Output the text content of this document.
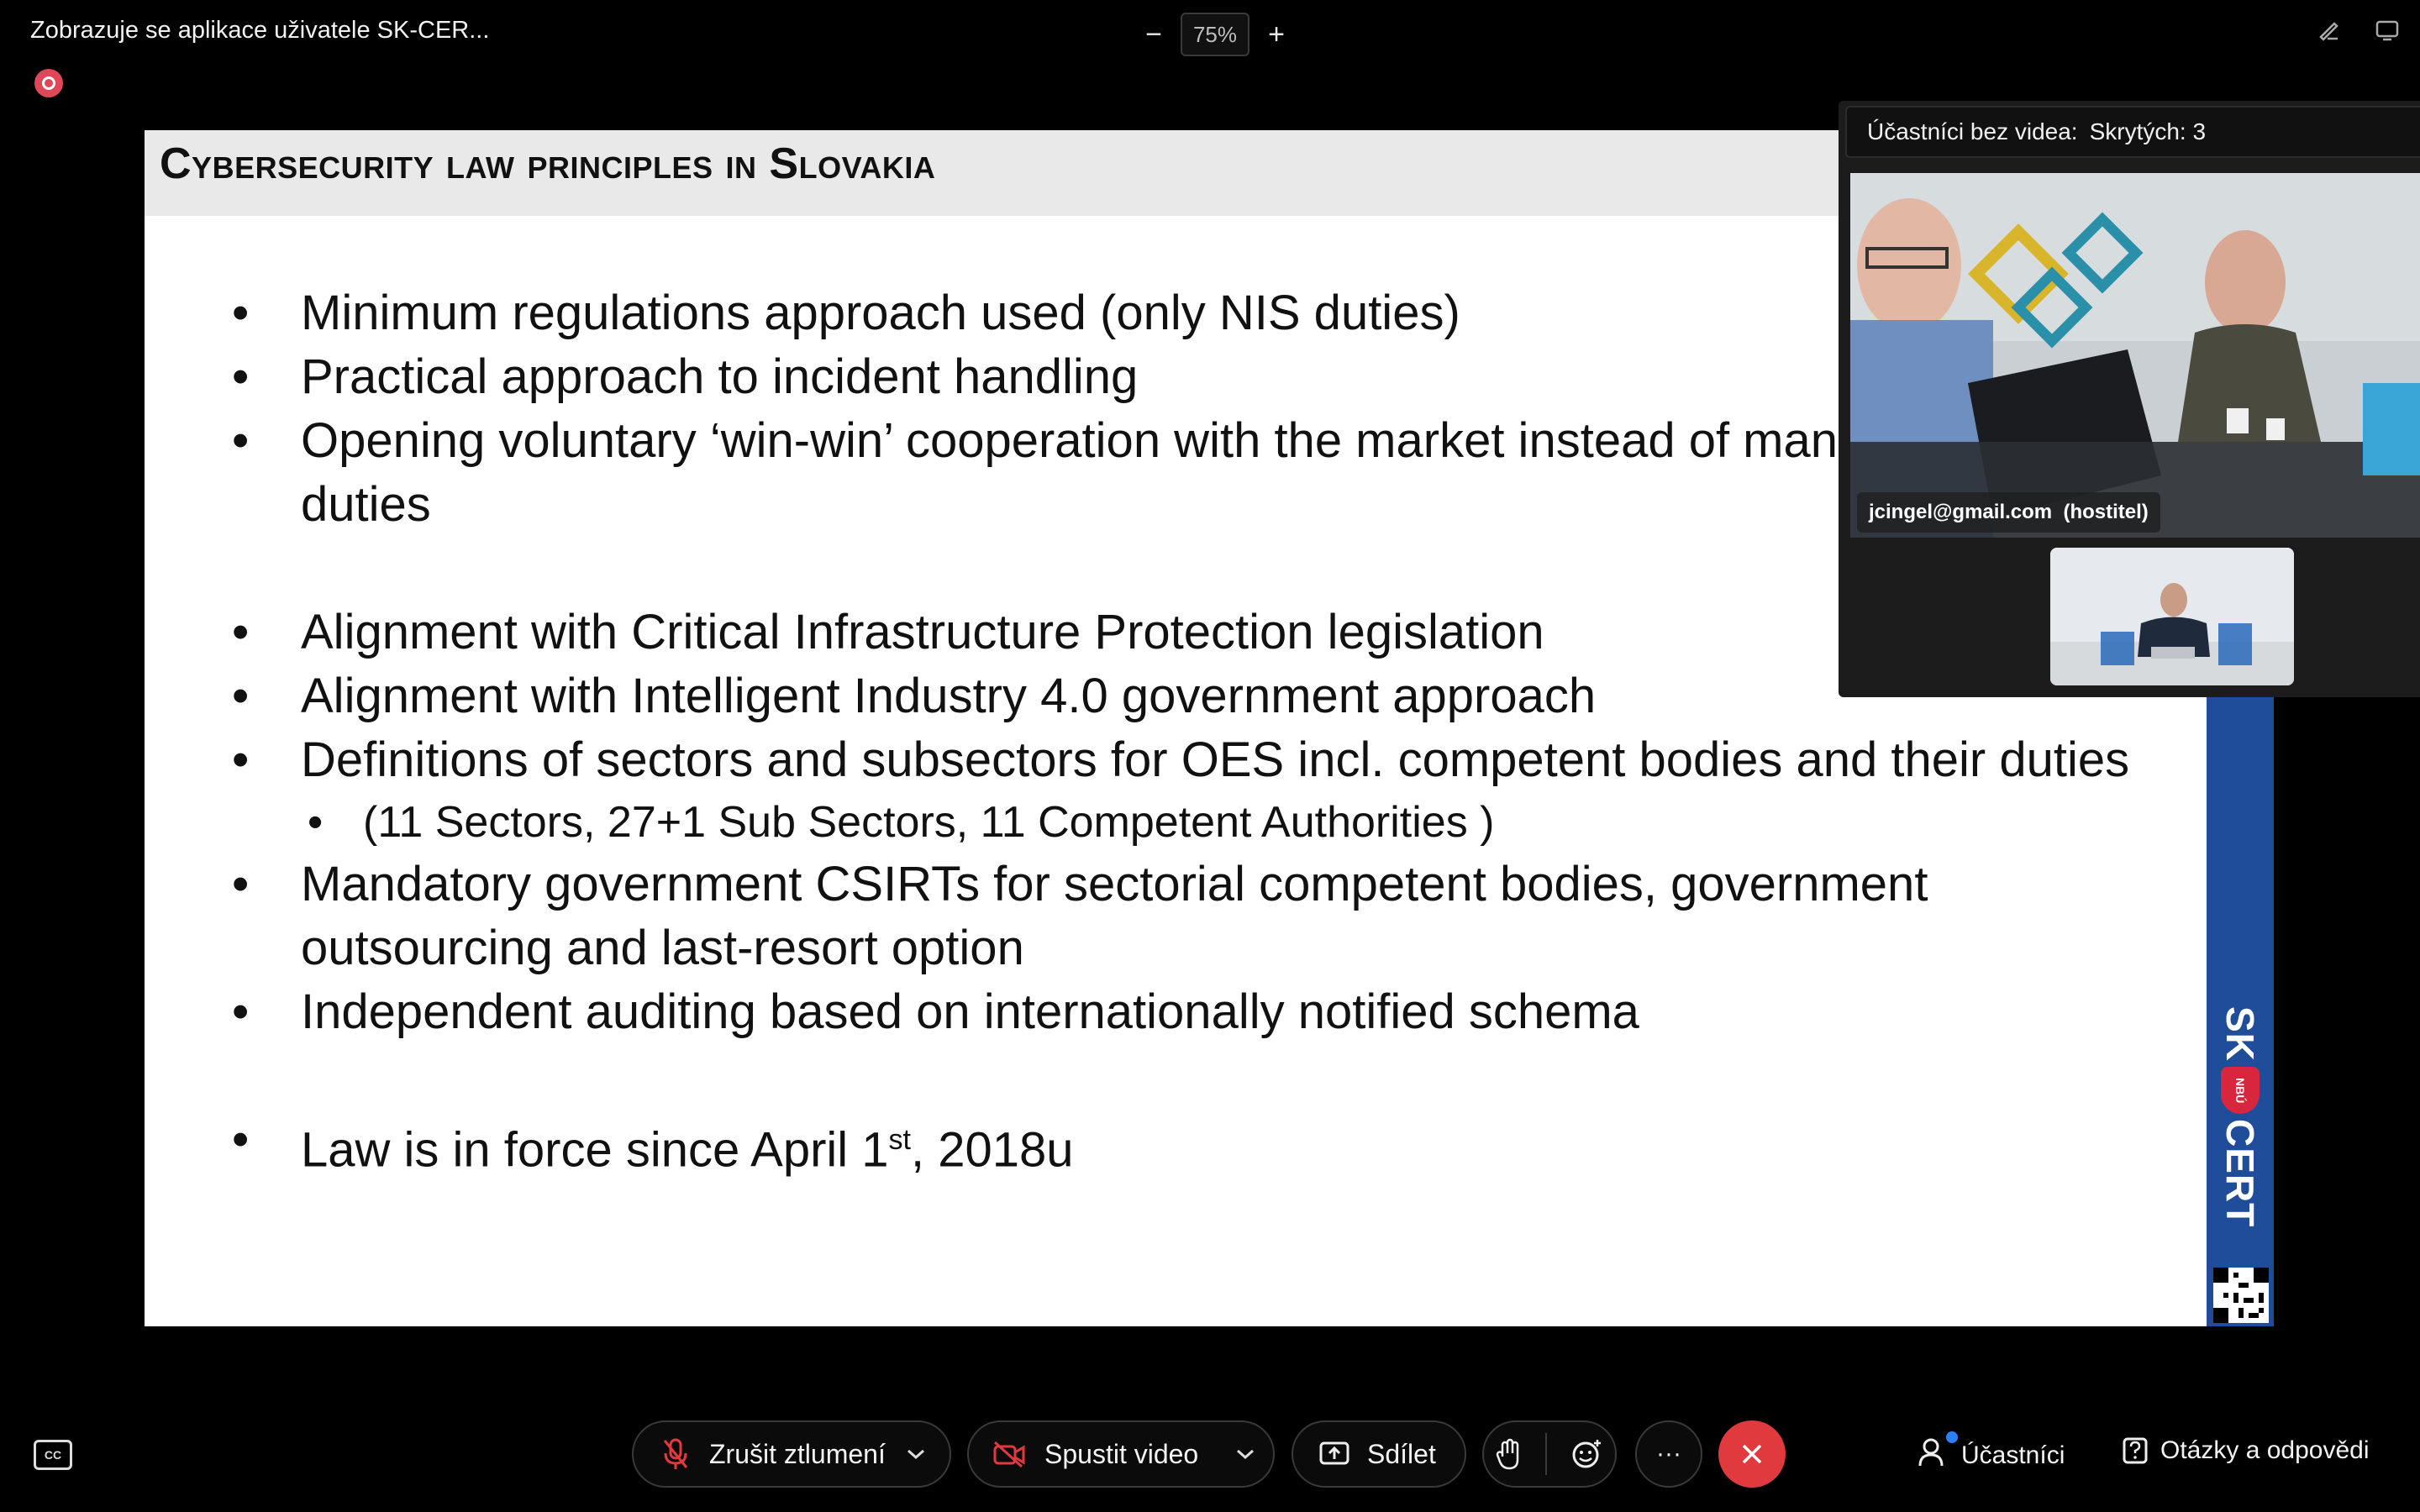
Zobrazuje se aplikace uživatele SK-CER...	−	75%	+
Cybersecurity law principles in Slovakia
• Minimum regulations approach used (only NIS duties)
• Practical approach to incident handling
• Opening voluntary ‘win-win’ cooperation with the market instead of man
duties
• Alignment with Critical Infrastructure Protection legislation
• Alignment with Intelligent Industry 4.0 government approach
• Definitions of sectors and subsectors for OES incl. competent bodies and their duties
• (11 Sectors, 27+1 Sub Sectors, 11 Competent Authorities )
• Mandatory government CSIRTs for sectorial competent bodies, government
outsourcing and last-resort option
• Independent auditing based on internationally notified schema
• Law is in force since April 1st, 2018u
SK
NBÚ
CERT
Účastníci bez videa: Skrytých: 3
jcingel@gmail.com (hostitel)
CC	Zrušit ztlumení	Spustit video	Sdílet	···	Účastníci	Otázky a odpovědi
